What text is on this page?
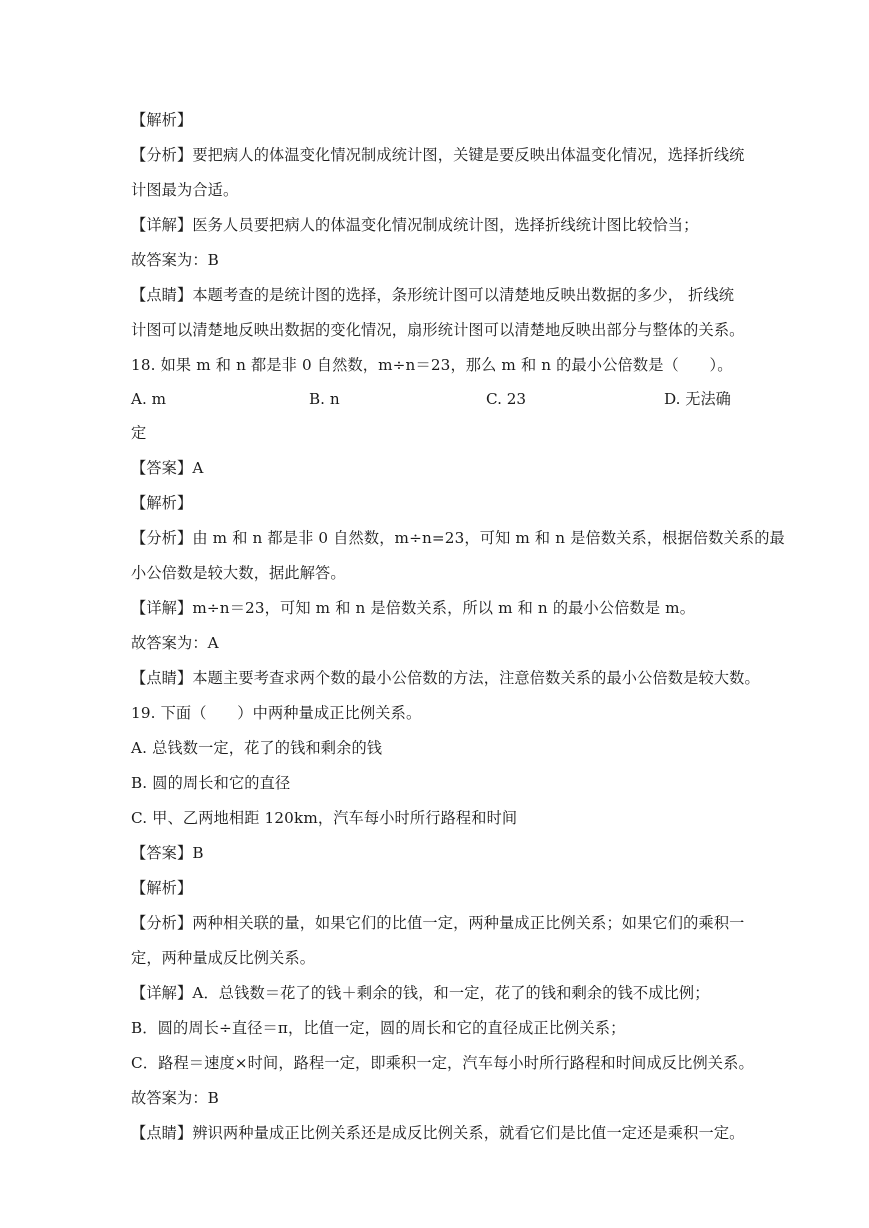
【解析】
【分析】要把病人的体温变化情况制成统计图，关键是要反映出体温变化情况，选择折线统
计图最为合适。
【详解】医务人员要把病人的体温变化情况制成统计图，选择折线统计图比较恰当；
故答案为：B
【点睛】本题考查的是统计图的选择，条形统计图可以清楚地反映出数据的多少， 折线统
计图可以清楚地反映出数据的变化情况，扇形统计图可以清楚地反映出部分与整体的关系。
18. 如果 m 和 n 都是非 0 自然数，m÷n＝23，那么 m 和 n 的最小公倍数是（　　）。
A. m	B. n	C. 23	D. 无法确
定
【答案】A
【解析】
【分析】由 m 和 n 都是非 0 自然数，m÷n=23，可知 m 和 n 是倍数关系，根据倍数关系的最
小公倍数是较大数，据此解答。
【详解】m÷n＝23，可知 m 和 n 是倍数关系，所以 m 和 n 的最小公倍数是 m。
故答案为：A
【点睛】本题主要考查求两个数的最小公倍数的方法，注意倍数关系的最小公倍数是较大数。
19. 下面（　　）中两种量成正比例关系。
A. 总钱数一定，花了的钱和剩余的钱
B. 圆的周长和它的直径
C. 甲、乙两地相距 120km，汽车每小时所行路程和时间
【答案】B
【解析】
【分析】两种相关联的量，如果它们的比值一定，两种量成正比例关系；如果它们的乘积一
定，两种量成反比例关系。
【详解】A．总钱数＝花了的钱＋剩余的钱，和一定，花了的钱和剩余的钱不成比例；
B．圆的周长÷直径＝π，比值一定，圆的周长和它的直径成正比例关系；
C．路程＝速度×时间，路程一定，即乘积一定，汽车每小时所行路程和时间成反比例关系。
故答案为：B
【点睛】辨识两种量成正比例关系还是成反比例关系，就看它们是比值一定还是乘积一定。
